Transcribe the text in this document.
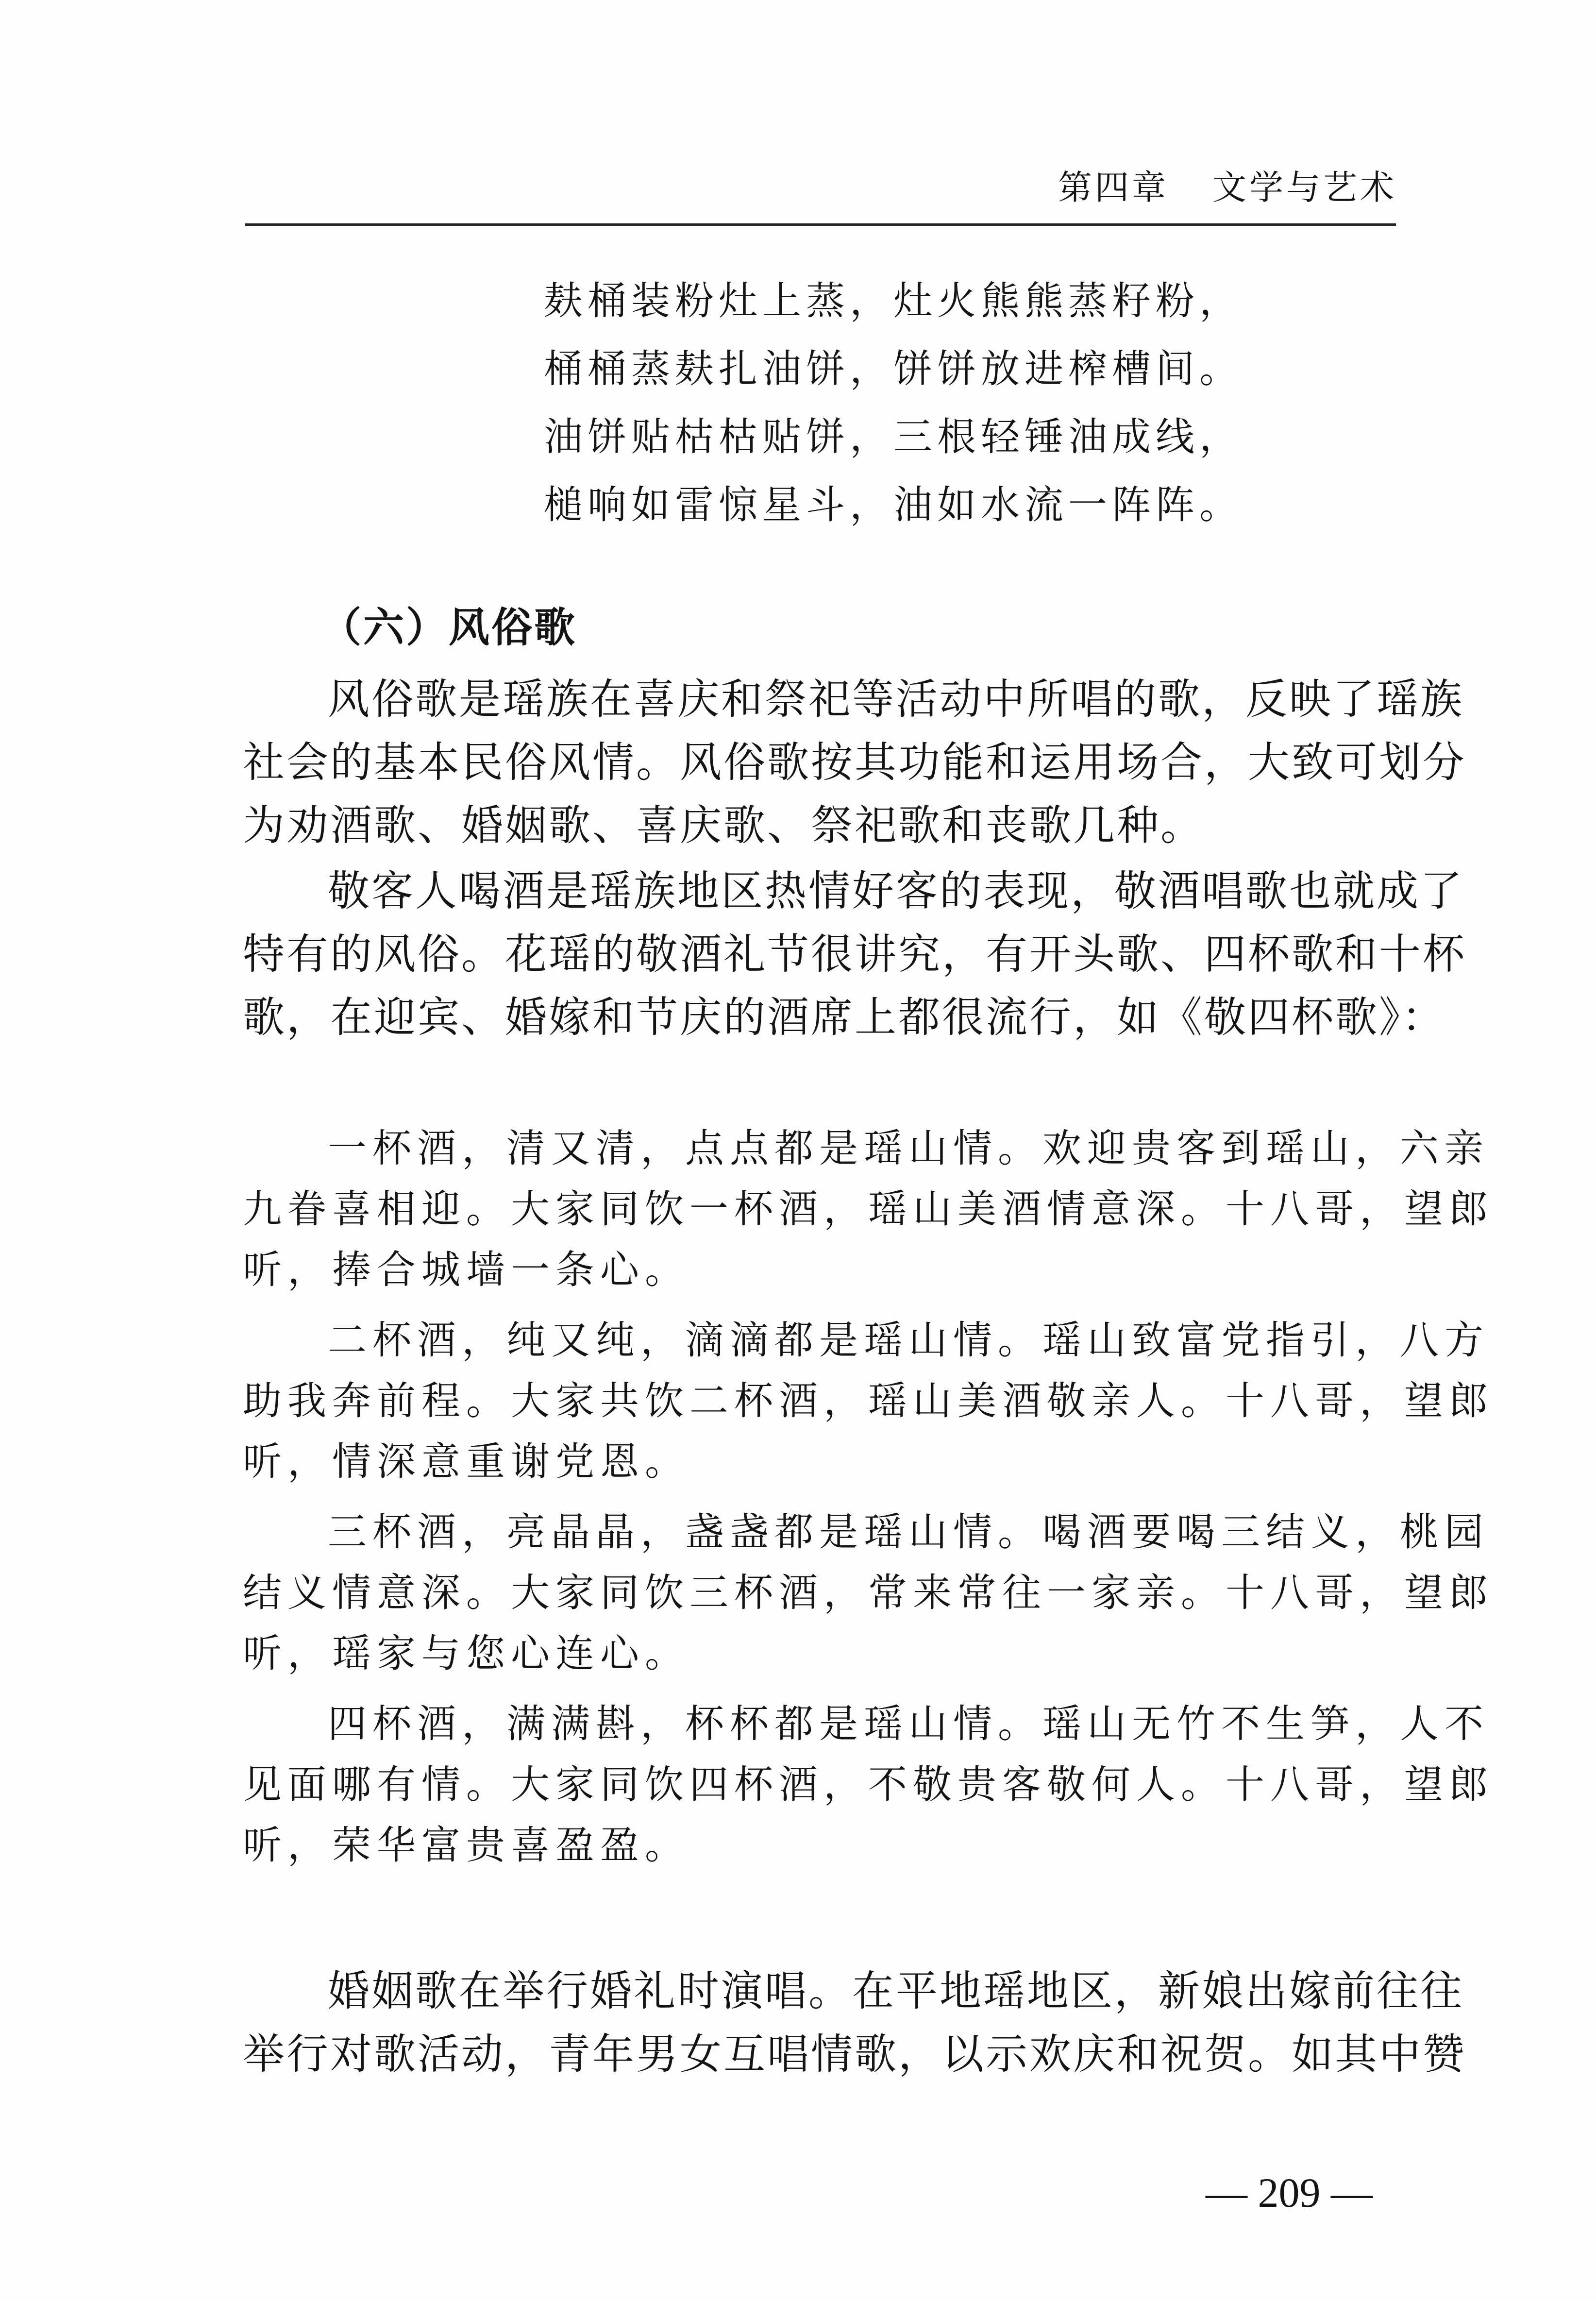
第四章 文学与艺术
麸桶装粉灶上蒸，灶火熊熊蒸籽粉，
桶桶蒸麸扎油饼，饼饼放进榨槽间。
油饼贴枯枯贴饼，三根轻锤油成线，
槌响如雷惊星斗，油如水流一阵阵。
（六）风俗歌
风俗歌是瑶族在喜庆和祭祀等活动中所唱的歌，反映了瑶族
社会的基本民俗风情。风俗歌按其功能和运用场合，大致可划分
为劝酒歌、婚姻歌、喜庆歌、祭祀歌和丧歌几种。
敬客人喝酒是瑶族地区热情好客的表现，敬酒唱歌也就成了
特有的风俗。花瑶的敬酒礼节很讲究，有开头歌、四杯歌和十杯
歌，在迎宾、婚嫁和节庆的酒席上都很流行，如《敬四杯歌》：
一杯酒，清又清，点点都是瑶山情。欢迎贵客到瑶山，六亲
九眷喜相迎。大家同饮一杯酒，瑶山美酒情意深。十八哥，望郎
听，捧合城墙一条心。
二杯酒，纯又纯，滴滴都是瑶山情。瑶山致富党指引，八方
助我奔前程。大家共饮二杯酒，瑶山美酒敬亲人。十八哥，望郎
听，情深意重谢党恩。
三杯酒，亮晶晶，盏盏都是瑶山情。喝酒要喝三结义，桃园
结义情意深。大家同饮三杯酒，常来常往一家亲。十八哥，望郎
听，瑶家与您心连心。
四杯酒，满满斟，杯杯都是瑶山情。瑶山无竹不生笋，人不
见面哪有情。大家同饮四杯酒，不敬贵客敬何人。十八哥，望郎
听，荣华富贵喜盈盈。
婚姻歌在举行婚礼时演唱。在平地瑶地区，新娘出嫁前往往
举行对歌活动，青年男女互唱情歌，以示欢庆和祝贺。如其中赞
— 209 —
